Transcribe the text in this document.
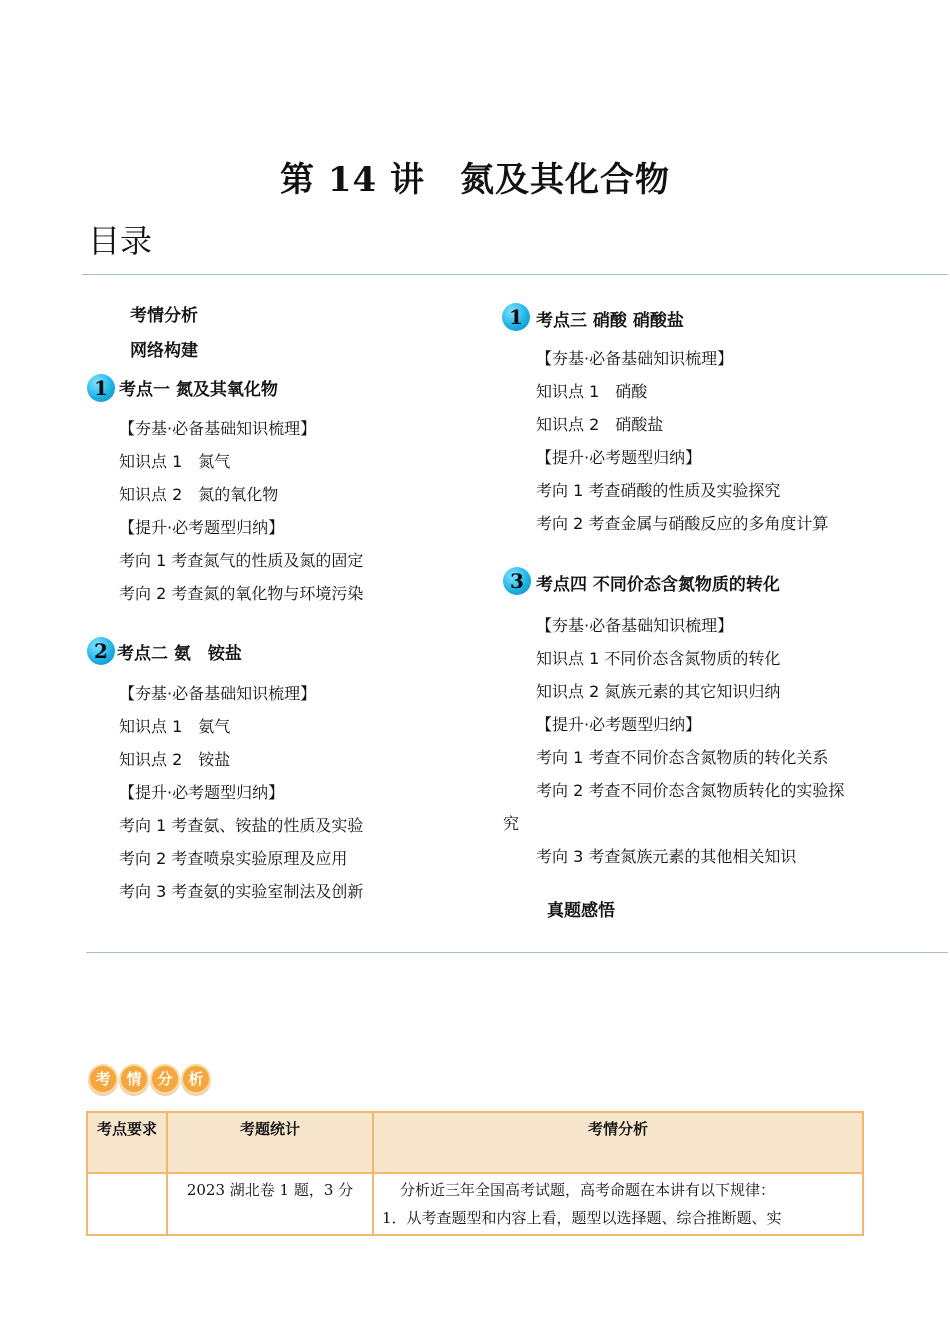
第 14 讲　氮及其化合物
目录
考情分析
网络构建
1 考点一 氮及其氧化物
【夯基·必备基础知识梳理】
知识点 1　氮气
知识点 2　氮的氧化物
【提升·必考题型归纳】
考向 1 考查氮气的性质及氮的固定
考向 2 考查氮的氧化物与环境污染
2 考点二 氨　铵盐
【夯基·必备基础知识梳理】
知识点 1　氨气
知识点 2　铵盐
【提升·必考题型归纳】
考向 1 考查氨、铵盐的性质及实验
考向 2 考查喷泉实验原理及应用
考向 3 考查氨的实验室制法及创新
1 考点三 硝酸 硝酸盐
【夯基·必备基础知识梳理】
知识点 1　硝酸
知识点 2　硝酸盐
【提升·必考题型归纳】
考向 1 考查硝酸的性质及实验探究
考向 2 考查金属与硝酸反应的多角度计算
3 考点四 不同价态含氮物质的转化
【夯基·必备基础知识梳理】
知识点 1 不同价态含氮物质的转化
知识点 2 氮族元素的其它知识归纳
【提升·必考题型归纳】
考向 1 考查不同价态含氮物质的转化关系
考向 2 考查不同价态含氮物质转化的实验探
究
考向 3 考查氮族元素的其他相关知识
真题感悟
考	情	分	析
考点要求	考题统计	考情分析
	2023 湖北卷 1 题，3 分	分析近三年全国高考试题，高考命题在本讲有以下规律：
1．从考查题型和内容上看，题型以选择题、综合推断题、实
